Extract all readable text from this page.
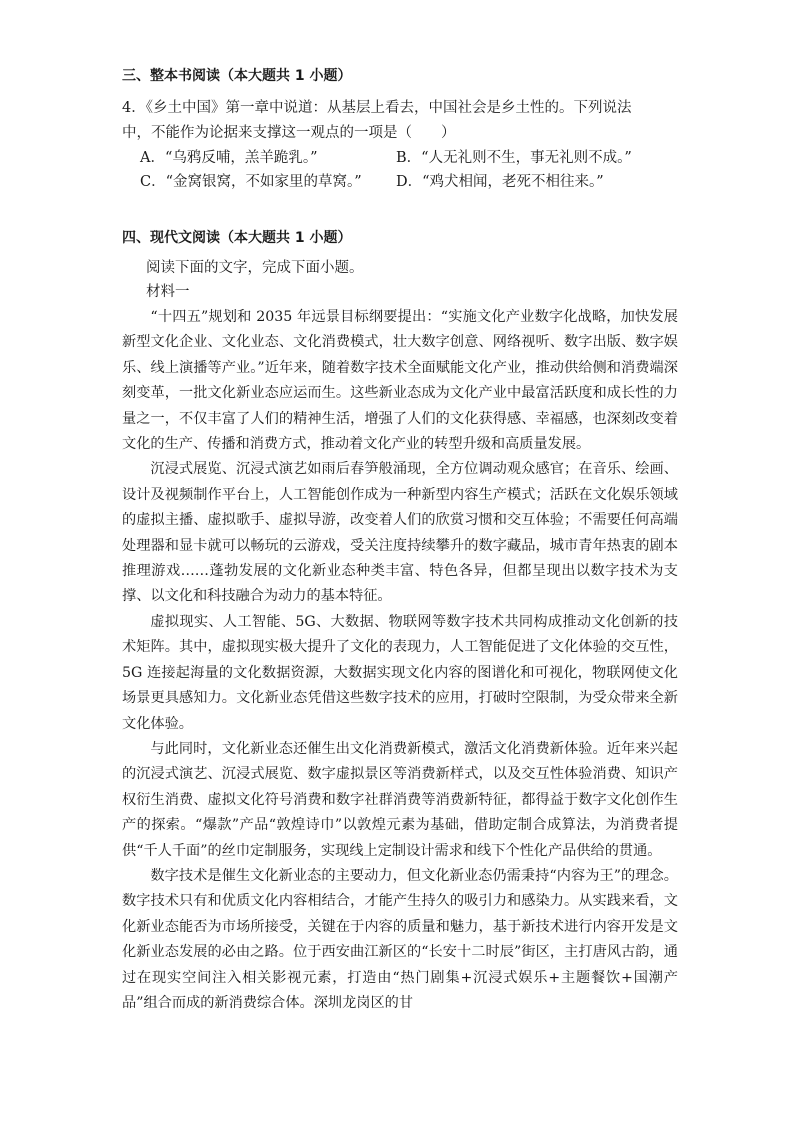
三、整本书阅读（本大题共 1 小题）
4．《乡土中国》第一章中说道：从基层上看去，中国社会是乡土性的。下列说法
中，不能作为论据来支撑这一观点的一项是（　　）
A．“乌鸦反哺，羔羊跪乳。”	B．“人无礼则不生，事无礼则不成。”
C．“金窝银窝，不如家里的草窝。” D．“鸡犬相闻，老死不相往来。”
四、现代文阅读（本大题共 1 小题）
阅读下面的文字，完成下面小题。
材料一

“十四五”规划和 2035 年远景目标纲要提出：“实施文化产业数字化战略，加快发展新型文化企业、文化业态、文化消费模式，壮大数字创意、网络视听、数字出版、数字娱乐、线上演播等产业。”近年来，随着数字技术全面赋能文化产业，推动供给侧和消费端深刻变革，一批文化新业态应运而生。这些新业态成为文化产业中最富活跃度和成长性的力量之一，不仅丰富了人们的精神生活，增强了人们的文化获得感、幸福感，也深刻改变着文化的生产、传播和消费方式，推动着文化产业的转型升级和高质量发展。

沉浸式展览、沉浸式演艺如雨后春笋般涌现，全方位调动观众感官；在音乐、绘画、设计及视频制作平台上，人工智能创作成为一种新型内容生产模式；活跃在文化娱乐领域的虚拟主播、虚拟歌手、虚拟导游，改变着人们的欣赏习惯和交互体验；不需要任何高端处理器和显卡就可以畅玩的云游戏，受关注度持续攀升的数字藏品，城市青年热衷的剧本推理游戏……蓬勃发展的文化新业态种类丰富、特色各异，但都呈现出以数字技术为支撑、以文化和科技融合为动力的基本特征。

虚拟现实、人工智能、5G、大数据、物联网等数字技术共同构成推动文化创新的技术矩阵。其中，虚拟现实极大提升了文化的表现力，人工智能促进了文化体验的交互性，5G 连接起海量的文化数据资源，大数据实现文化内容的图谱化和可视化，物联网使文化场景更具感知力。文化新业态凭借这些数字技术的应用，打破时空限制，为受众带来全新文化体验。

与此同时，文化新业态还催生出文化消费新模式，激活文化消费新体验。近年来兴起的沉浸式演艺、沉浸式展览、数字虚拟景区等消费新样式，以及交互性体验消费、知识产权衍生消费、虚拟文化符号消费和数字社群消费等消费新特征，都得益于数字文化创作生产的探索。“爆款”产品“敦煌诗巾”以敦煌元素为基础，借助定制合成算法，为消费者提供“千人千面”的丝巾定制服务，实现线上定制设计需求和线下个性化产品供给的贯通。

数字技术是催生文化新业态的主要动力，但文化新业态仍需秉持“内容为王”的理念。数字技术只有和优质文化内容相结合，才能产生持久的吸引力和感染力。从实践来看，文化新业态能否为市场所接受，关键在于内容的质量和魅力，基于新技术进行内容开发是文化新业态发展的必由之路。位于西安曲江新区的“长安十二时辰”街区，主打唐风古韵，通过在现实空间注入相关影视元素，打造由“热门剧集+沉浸式娱乐+主题餐饮+国潮产品”组合而成的新消费综合体。深圳龙岗区的甘
